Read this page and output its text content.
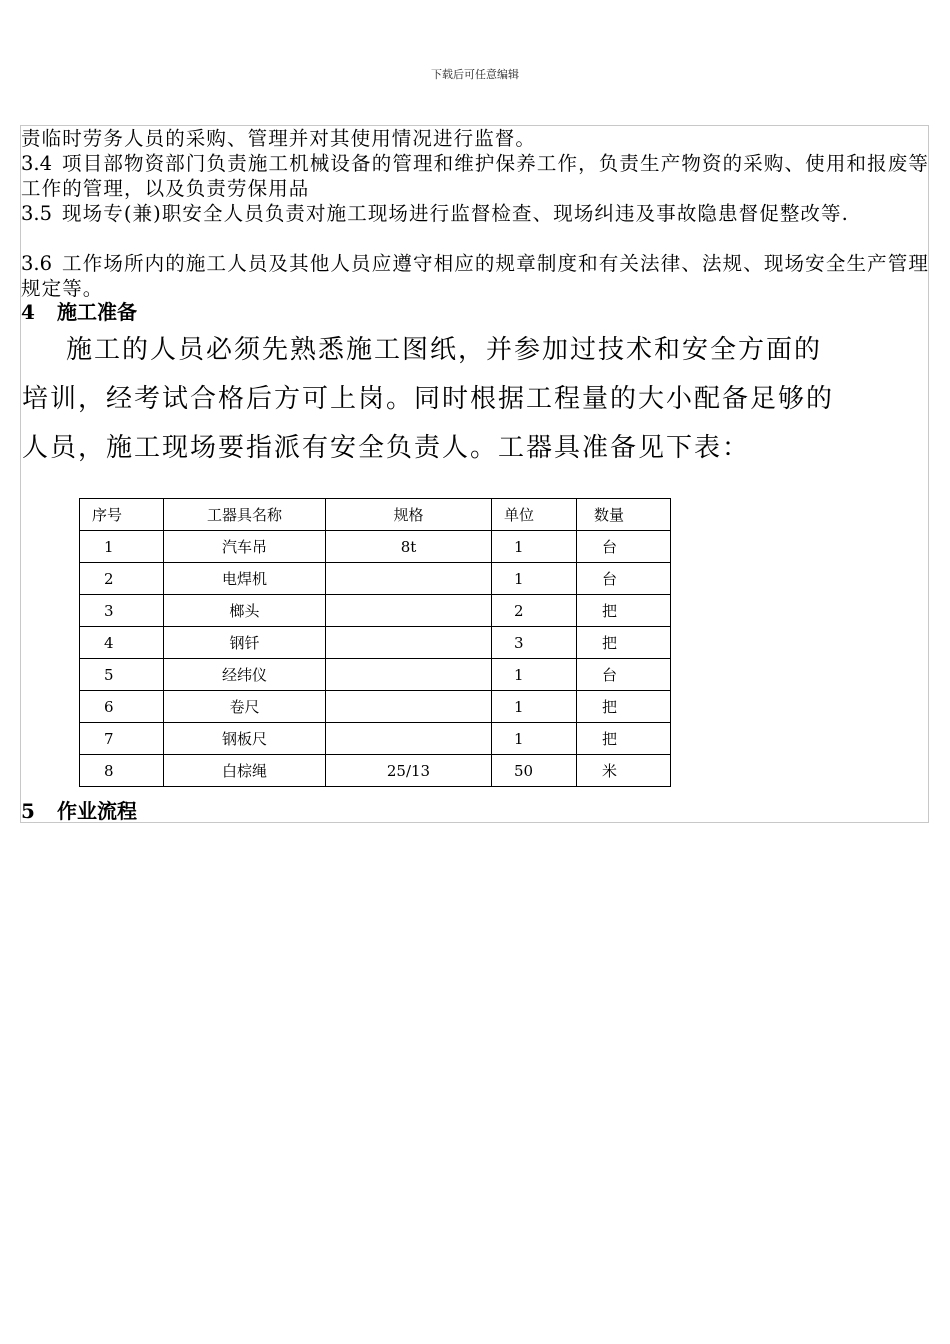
下载后可任意编辑
责临时劳务人员的采购、管理并对其使用情况进行监督。
3.4 项目部物资部门负责施工机械设备的管理和维护保养工作，负责生产物资的采购、使用和报废等工作的管理，以及负责劳保用品
3.5 现场专(兼)职安全人员负责对施工现场进行监督检查、现场纠违及事故隐患督促整改等.
3.6 工作场所内的施工人员及其他人员应遵守相应的规章制度和有关法律、法规、现场安全生产管理规定等。
4 施工准备
施工的人员必须先熟悉施工图纸，并参加过技术和安全方面的
培训，经考试合格后方可上岗。同时根据工程量的大小配备足够的
人员，施工现场要指派有安全负责人。工器具准备见下表：
序号	工器具名称	规格	单位	数量
1	汽车吊	8t	1	台
2	电焊机		1	台
3	榔头		2	把
4	钢钎		3	把
5	经纬仪		1	台
6	卷尺		1	把
7	钢板尺		1	把
8	白棕绳	25/13	50	米
5 作业流程
